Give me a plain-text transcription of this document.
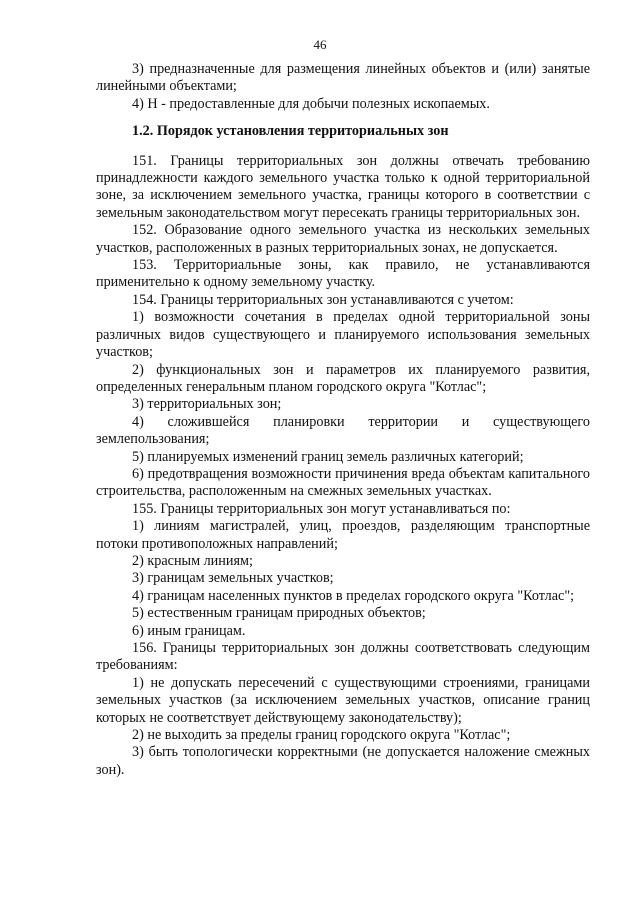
46

3) предназначенные для размещения линейных объектов и (или) занятые линейными объектами;

4) Н - предоставленные для добычи полезных ископаемых.

1.2. Порядок установления территориальных зон

151. Границы территориальных зон должны отвечать требованию принадлежности каждого земельного участка только к одной территориальной зоне, за исключением земельного участка, границы которого в соответствии с земельным законодательством могут пересекать границы территориальных зон.

152. Образование одного земельного участка из нескольких земельных участков, расположенных в разных территориальных зонах, не допускается.

153. Территориальные зоны, как правило, не устанавливаются применительно к одному земельному участку.

154. Границы территориальных зон устанавливаются с учетом:

1) возможности сочетания в пределах одной территориальной зоны различных видов существующего и планируемого использования земельных участков;

2) функциональных зон и параметров их планируемого развития, определенных генеральным планом городского округа "Котлас";

3) территориальных зон;

4) сложившейся планировки территории и существующего землепользования;

5) планируемых изменений границ земель различных категорий;

6) предотвращения возможности причинения вреда объектам капитального строительства, расположенным на смежных земельных участках.

155. Границы территориальных зон могут устанавливаться по:

1) линиям магистралей, улиц, проездов, разделяющим транспортные потоки противоположных направлений;

2) красным линиям;

3) границам земельных участков;

4) границам населенных пунктов в пределах городского округа "Котлас";

5) естественным границам природных объектов;

6) иным границам.

156. Границы территориальных зон должны соответствовать следующим требованиям:

1) не допускать пересечений с существующими строениями, границами земельных участков (за исключением земельных участков, описание границ которых не соответствует действующему законодательству);

2) не выходить за пределы границ городского округа "Котлас";

3) быть топологически корректными (не допускается наложение смежных зон).
